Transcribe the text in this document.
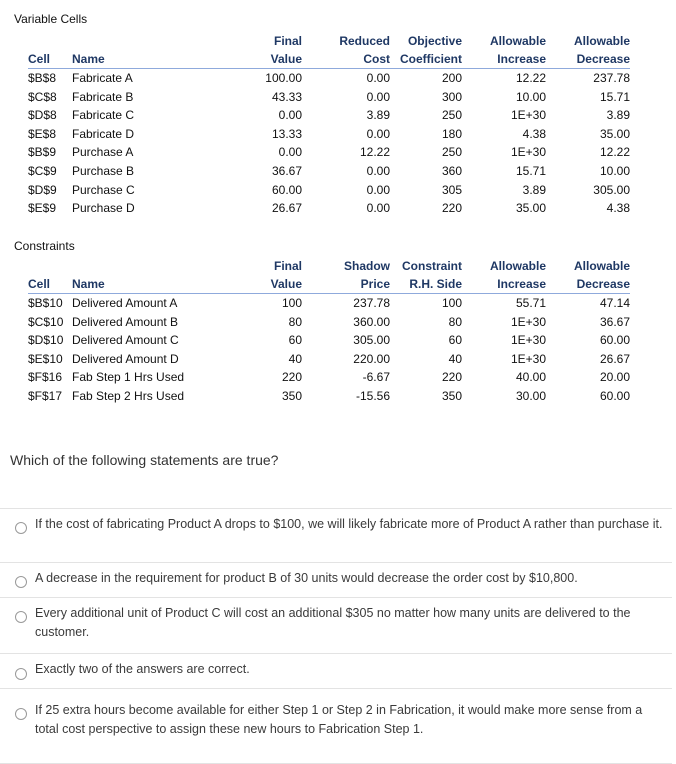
Variable Cells
		Final	Reduced	Objective	Allowable	Allowable
Cell	Name	Value	Cost	Coefficient	Increase	Decrease
$B$8	Fabricate A	100.00	0.00	200	12.22	237.78
$C$8	Fabricate B	43.33	0.00	300	10.00	15.71
$D$8	Fabricate C	0.00	3.89	250	1E+30	3.89
$E$8	Fabricate D	13.33	0.00	180	4.38	35.00
$B$9	Purchase A	0.00	12.22	250	1E+30	12.22
$C$9	Purchase B	36.67	0.00	360	15.71	10.00
$D$9	Purchase C	60.00	0.00	305	3.89	305.00
$E$9	Purchase D	26.67	0.00	220	35.00	4.38
Constraints
		Final	Shadow	Constraint	Allowable	Allowable
Cell	Name	Value	Price	R.H. Side	Increase	Decrease
$B$10	Delivered Amount A	100	237.78	100	55.71	47.14
$C$10	Delivered Amount B	80	360.00	80	1E+30	36.67
$D$10	Delivered Amount C	60	305.00	60	1E+30	60.00
$E$10	Delivered Amount D	40	220.00	40	1E+30	26.67
$F$16	Fab Step 1 Hrs Used	220	-6.67	220	40.00	20.00
$F$17	Fab Step 2 Hrs Used	350	-15.56	350	30.00	60.00
Which of the following statements are true?
If the cost of fabricating Product A drops to $100, we will likely fabricate more of Product A rather than purchase it.
A decrease in the requirement for product B of 30 units would decrease the order cost by $10,800.
Every additional unit of Product C will cost an additional $305 no matter how many units are delivered to the customer.
Exactly two of the answers are correct.
If 25 extra hours become available for either Step 1 or Step 2 in Fabrication, it would make more sense from a total cost perspective to assign these new hours to Fabrication Step 1.
